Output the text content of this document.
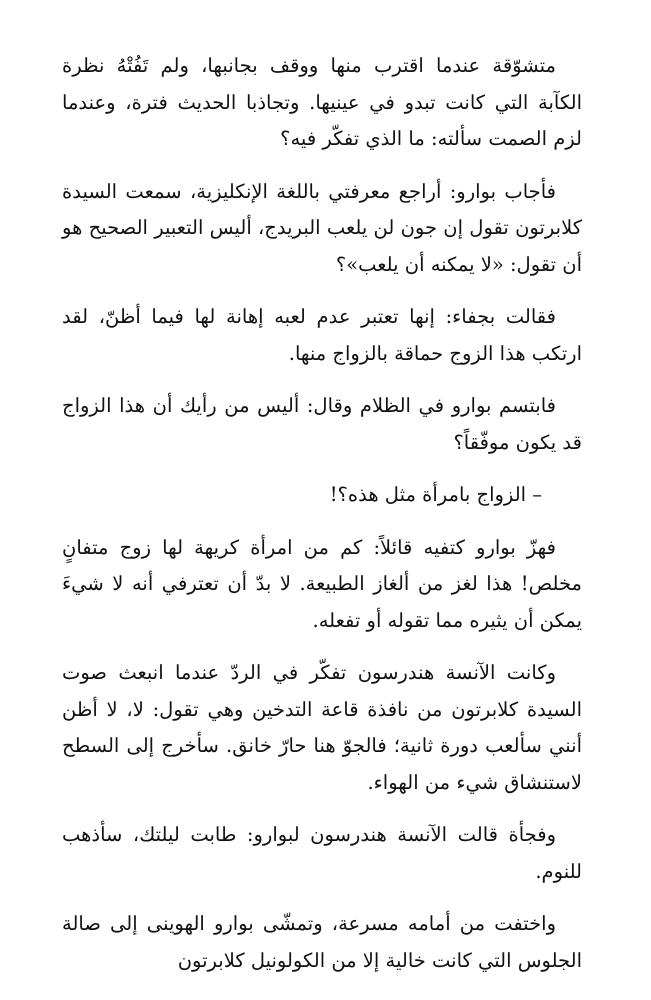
متشوّقة عندما اقترب منها ووقف بجانبها، ولم تَفُتْهُ نظرة الكآبة التي كانت تبدو في عينيها. وتجاذبا الحديث فترة، وعندما لزم الصمت سألته: ما الذي تفكّر فيه؟

فأجاب بوارو: أراجع معرفتي باللغة الإنكليزية، سمعت السيدة كلابرتون تقول إن جون لن يلعب البريدج، أليس التعبير الصحيح هو أن تقول: «لا يمكنه أن يلعب»؟

فقالت بجفاء: إنها تعتبر عدم لعبه إهانة لها فيما أظنّ، لقد ارتكب هذا الزوج حماقة بالزواج منها.

فابتسم بوارو في الظلام وقال: أليس من رأيك أن هذا الزواج قد يكون موفّقاً؟

– الزواج بامرأة مثل هذه؟!

فهزّ بوارو كتفيه قائلاً: كم من امرأة كريهة لها زوج متفانٍ مخلص! هذا لغز من ألغاز الطبيعة. لا بدّ أن تعترفي أنه لا شيءَ يمكن أن يثيره مما تقوله أو تفعله.

وكانت الآنسة هندرسون تفكّر في الردّ عندما انبعث صوت السيدة كلابرتون من نافذة قاعة التدخين وهي تقول: لا، لا أظن أنني سألعب دورة ثانية؛ فالجوّ هنا حارّ خانق. سأخرج إلى السطح لاستنشاق شيء من الهواء.

وفجأة قالت الآنسة هندرسون لبوارو: طابت ليلتك، سأذهب للنوم.

واختفت من أمامه مسرعة، وتمشّى بوارو الهوينى إلى صالة الجلوس التي كانت خالية إلا من الكولونيل كلابرتون
